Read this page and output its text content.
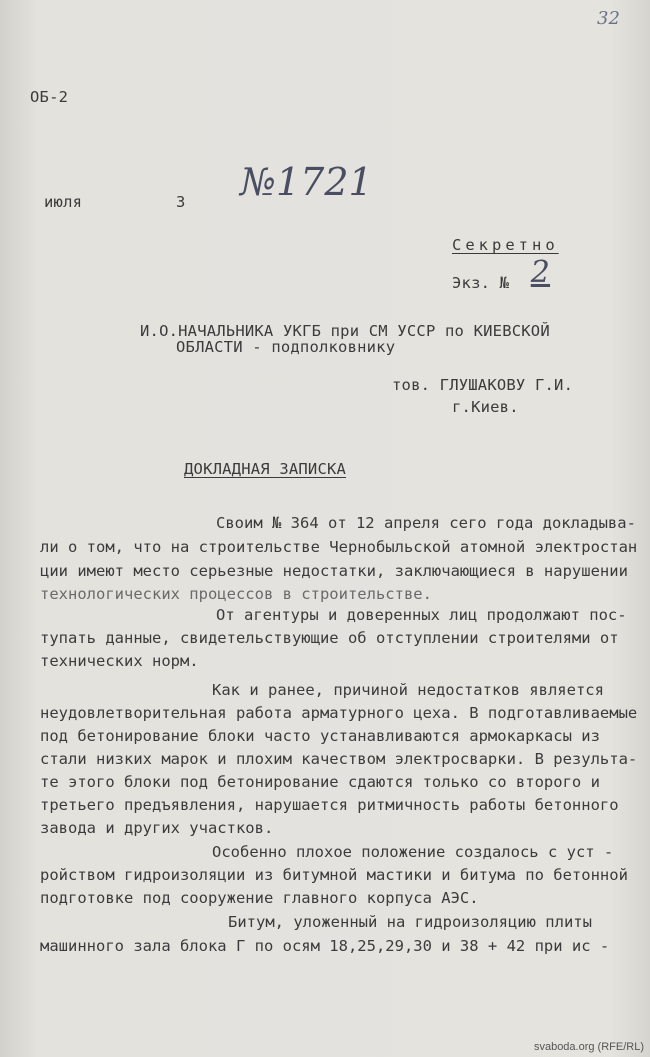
32
ОБ-2
июля	3 №1721
Секретно
Экз. № 2
И.О.НАЧАЛЬНИКА УКГБ при СМ УССР по КИЕВСКОЙ
ОБЛАСТИ - подполковнику
тов. ГЛУШАКОВУ Г.И.
г.Киев.
ДОКЛАДНАЯ ЗАПИСКА
Своим № 364 от 12 апреля сего года докладыва-
ли о том, что на строительстве Чернобыльской атомной электростан
ции имеют место серьезные недостатки, заключающиеся в нарушении
технологических процессов в строительстве.
От агентуры и доверенных лиц продолжают пос-
тупать данные, свидетельствующие об отступлении строителями от
технических норм.
Как и ранее, причиной недостатков является
неудовлетворительная работа арматурного цеха. В подготавливаемые
под бетонирование блоки часто устанавливаются армокаркасы из
стали низких марок и плохим качеством электросварки. В результа-
те этого блоки под бетонирование сдаются только со второго и
третьего предъявления, нарушается ритмичность работы бетонного
завода и других участков.
Особенно плохое положение создалось с уст -
ройством гидроизоляции из битумной мастики и битума по бетонной
подготовке под сооружение главного корпуса АЭС.
Битум, уложенный на гидроизоляцию плиты
машинного зала блока Г по осям 18,25,29,30 и 38 + 42 при ис -
svaboda.org (RFE/RL)
